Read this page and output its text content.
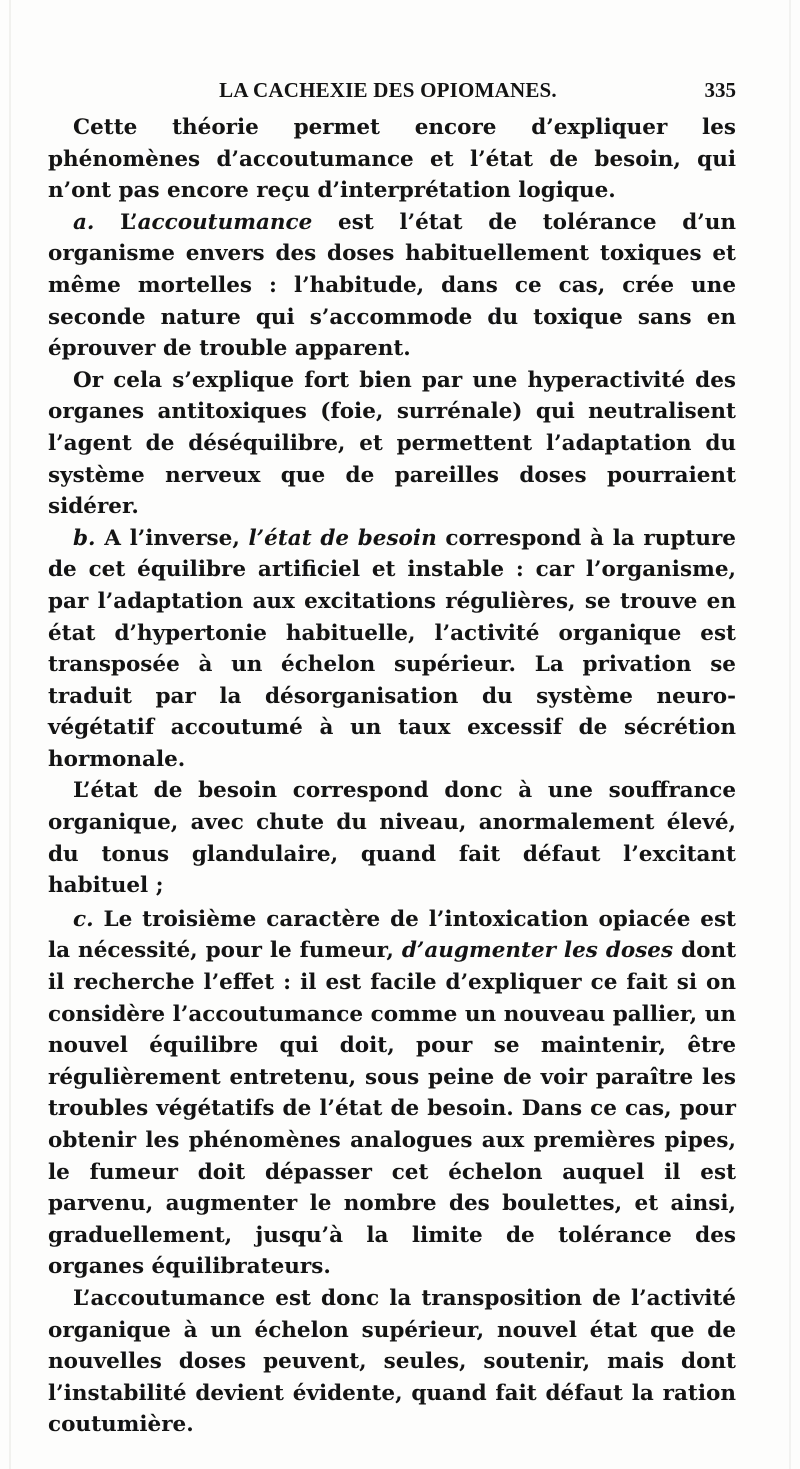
LA CACHEXIE DES OPIOMANES.	335

Cette théorie permet encore d’expliquer les phénomènes d’accoutumance et l’état de besoin, qui n’ont pas encore reçu d’interprétation logique.

a. L’accoutumance est l’état de tolérance d’un organisme envers des doses habituellement toxiques et même mortelles : l’habitude, dans ce cas, crée une seconde nature qui s’accommode du toxique sans en éprouver de trouble apparent.

Or cela s’explique fort bien par une hyperactivité des organes antitoxiques (foie, surrénale) qui neutralisent l’agent de déséquilibre, et permettent l’adaptation du système nerveux que de pareilles doses pourraient sidérer.

b. A l’inverse, l’état de besoin correspond à la rupture de cet équilibre artificiel et instable : car l’organisme, par l’adaptation aux excitations régulières, se trouve en état d’hypertonie habituelle, l’activité organique est transposée à un échelon supérieur. La privation se traduit par la désorganisation du système neuro-végétatif accoutumé à un taux excessif de sécrétion hormonale.

L’état de besoin correspond donc à une souffrance organique, avec chute du niveau, anormalement élevé, du tonus glandulaire, quand fait défaut l’excitant habituel ;

c. Le troisième caractère de l’intoxication opiacée est la nécessité, pour le fumeur, d’augmenter les doses dont il recherche l’effet : il est facile d’expliquer ce fait si on considère l’accoutumance comme un nouveau pallier, un nouvel équilibre qui doit, pour se maintenir, être régulièrement entretenu, sous peine de voir paraître les troubles végétatifs de l’état de besoin. Dans ce cas, pour obtenir les phénomènes analogues aux premières pipes, le fumeur doit dépasser cet échelon auquel il est parvenu, augmenter le nombre des boulettes, et ainsi, graduellement, jusqu’à la limite de tolérance des organes équilibrateurs.

L’accoutumance est donc la transposition de l’activité organique à un échelon supérieur, nouvel état que de nouvelles doses peuvent, seules, soutenir, mais dont l’instabilité devient évidente, quand fait défaut la ration coutumière.
